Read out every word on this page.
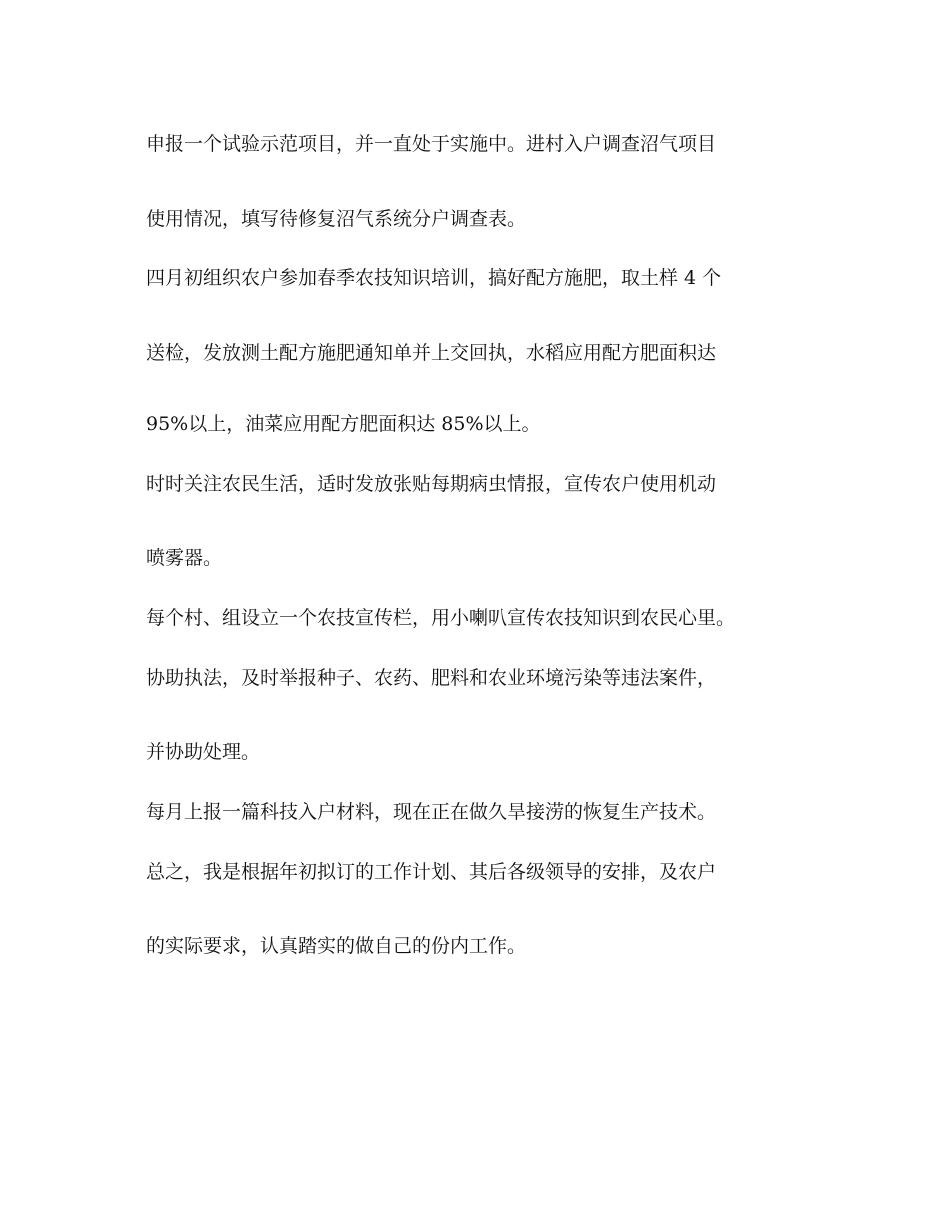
申报一个试验示范项目，并一直处于实施中。进村入户调查沼气项目
使用情况，填写待修复沼气系统分户调查表。
四月初组织农户参加春季农技知识培训，搞好配方施肥，取土样 4 个
送检，发放测土配方施肥通知单并上交回执，水稻应用配方肥面积达
95%以上，油菜应用配方肥面积达 85%以上。
时时关注农民生活，适时发放张贴每期病虫情报，宣传农户使用机动
喷雾器。
每个村、组设立一个农技宣传栏，用小喇叭宣传农技知识到农民心里。
协助执法，及时举报种子、农药、肥料和农业环境污染等违法案件，
并协助处理。
每月上报一篇科技入户材料，现在正在做久旱接涝的恢复生产技术。
总之，我是根据年初拟订的工作计划、其后各级领导的安排，及农户
的实际要求，认真踏实的做自己的份内工作。
